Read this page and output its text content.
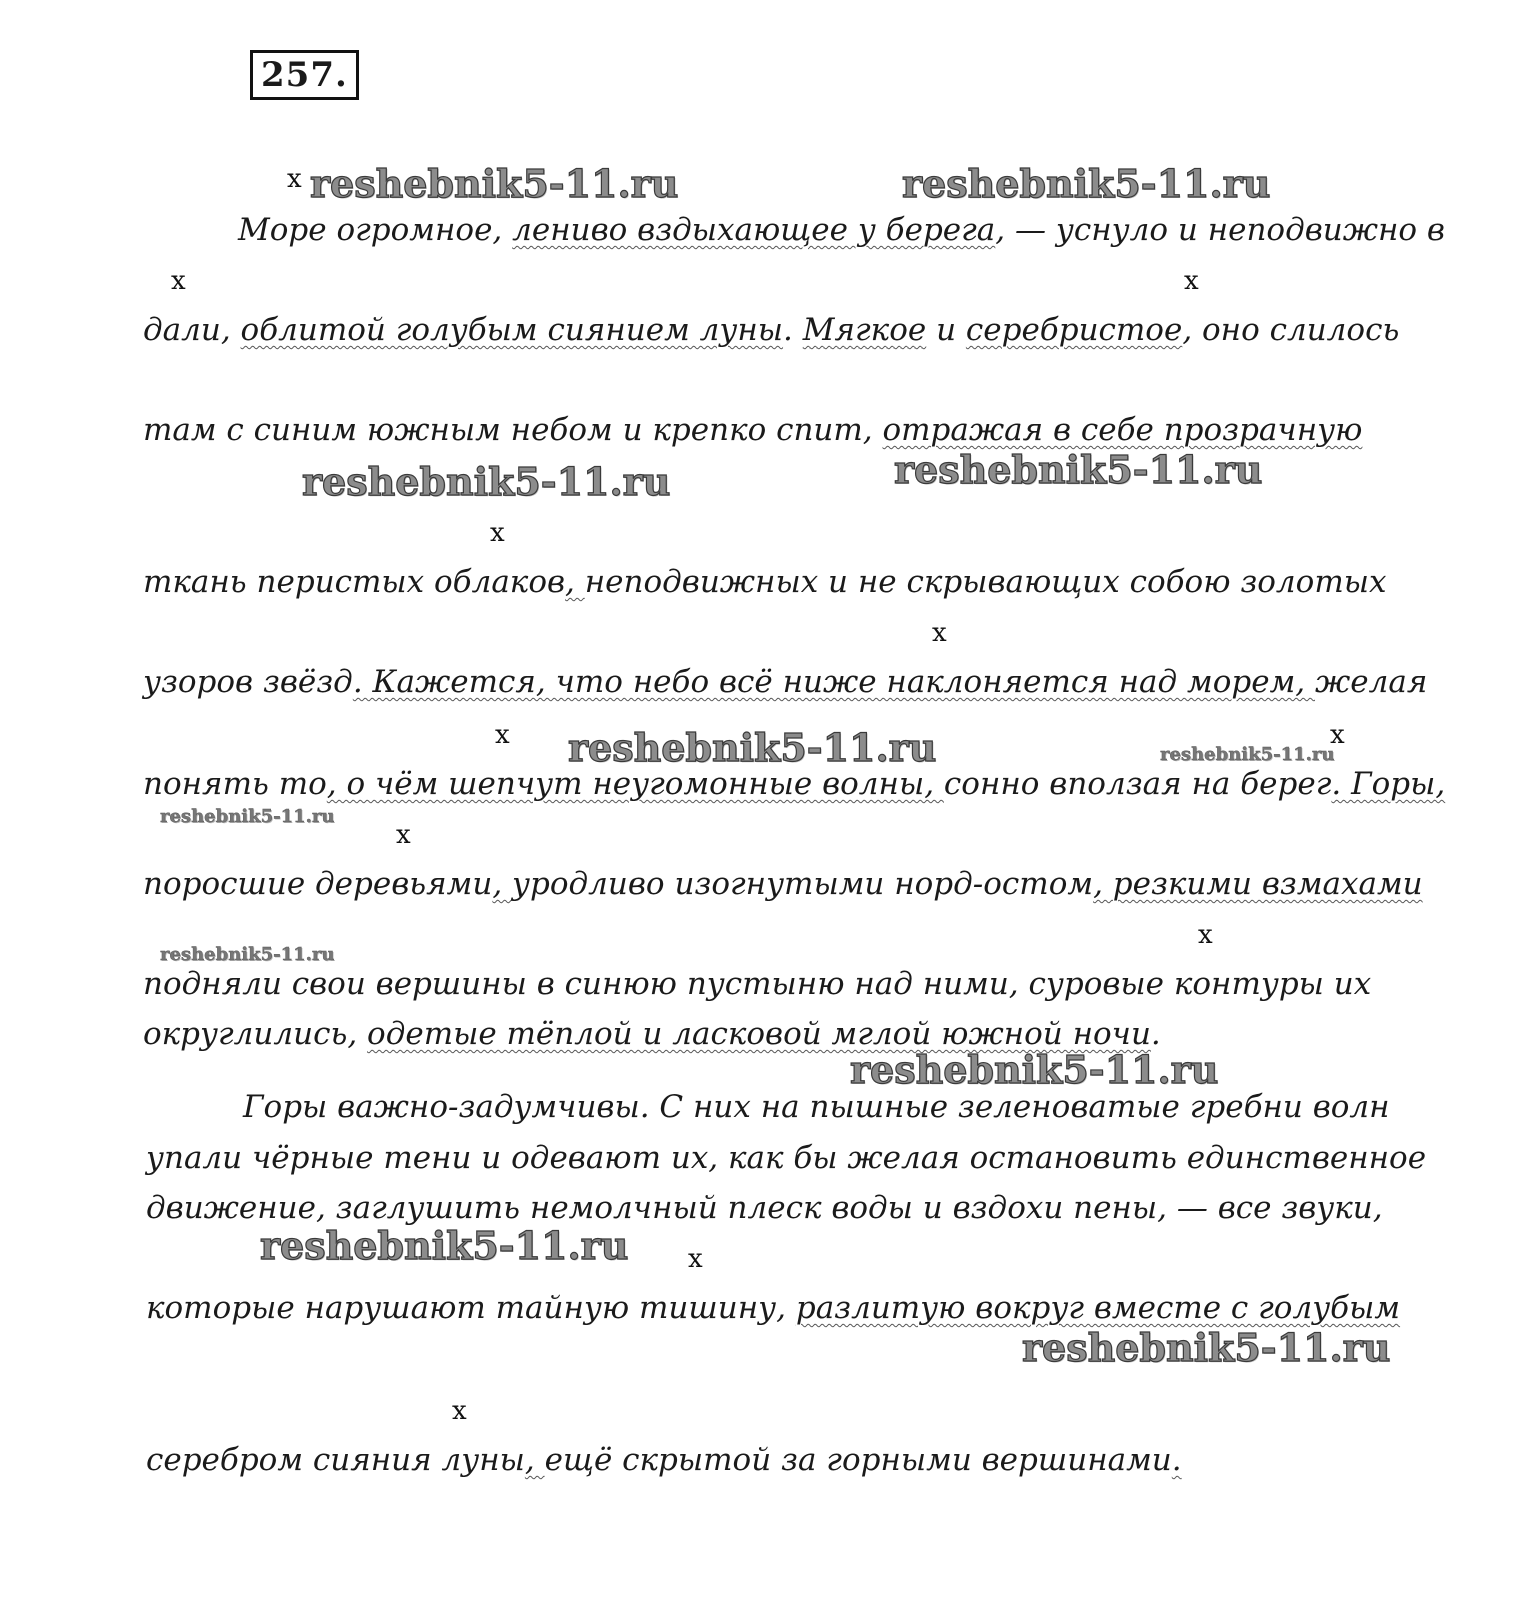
257.
Море огромное, лениво вздыхающее у берега, — уснуло и неподвижно в
дали, облитой голубым сиянием луны. Мягкое и серебристое, оно слилось
там с синим южным небом и крепко спит, отражая в себе прозрачную
ткань перистых облаков, неподвижных и не скрывающих собою золотых
узоров звёзд. Кажется, что небо всё ниже наклоняется над морем, желая
понять то, о чём шепчут неугомонные волны, сонно вползая на берег. Горы,
поросшие деревьями, уродливо изогнутыми норд-остом, резкими взмахами
подняли свои вершины в синюю пустыню над ними, суровые контуры их
округлились, одетые тёплой и ласковой мглой южной ночи.
Горы важно-задумчивы. С них на пышные зеленоватые гребни волн
упали чёрные тени и одевают их, как бы желая остановить единственное
движение, заглушить немолчный плеск воды и вздохи пены, — все звуки,
которые нарушают тайную тишину, разлитую вокруг вместе с голубым
серебром сияния луны, ещё скрытой за горными вершинами.
x
x	x
x
x
x	x
x
x
x
x
reshebnik5-11.ru	reshebnik5-11.ru
reshebnik5-11.ru	reshebnik5-11.ru
reshebnik5-11.ru	reshebnik5-11.ru
reshebnik5-11.ru
reshebnik5-11.ru
reshebnik5-11.ru
reshebnik5-11.ru
reshebnik5-11.ru
